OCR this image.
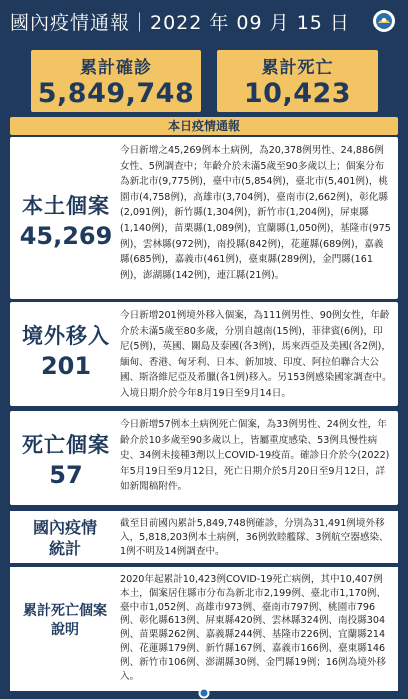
國內疫情通報｜2022 年 09 月 15 日
累計確診
5,849,748
累計死亡
10,423
本日疫情通報
本土個案
45,269
今日新增之45,269例本土病例，為20,378例男性、24,886例女性、5例調查中；年齡介於未滿5歲至90多歲以上；個案分布為新北市(9,775例)，臺中市(5,854例)，臺北市(5,401例)，桃園市(4,758例)，高雄市(3,704例)，臺南市(2,662例)，彰化縣(2,091例)，新竹縣(1,304例)，新竹市(1,204例)，屏東縣(1,140例)，苗栗縣(1,089例)，宜蘭縣(1,050例)，基隆市(975例)，雲林縣(972例)，南投縣(842例)，花蓮縣(689例)，嘉義縣(685例)，嘉義市(461例)，臺東縣(289例)，金門縣(161例)，澎湖縣(142例)，連江縣(21例)。
境外移入
201
今日新增201例境外移入個案，為111例男性、90例女性，年齡介於未滿5歲至80多歲，分別自越南(15例)，菲律賓(6例)，印尼(5例)，英國、關島及泰國(各3例)，馬來西亞及美國(各2例)，緬甸、香港、匈牙利、日本、新加坡、印度、阿拉伯聯合大公國、斯洛維尼亞及希臘(各1例)移入。另153例感染國家調查中。入境日期介於今年8月19日至9月14日。
死亡個案
57
今日新增57例本土病例死亡個案，為33例男性、24例女性，年齡介於10多歲至90多歲以上，皆屬重度感染、53例具慢性病史、34例未接種3劑以上COVID-19疫苗。確診日介於今(2022)年5月19日至9月12日，死亡日期介於5月20日至9月12日，詳如新聞稿附件。
國內疫情統計
截至目前國內累計5,849,748例確診，分別為31,491例境外移入，5,818,203例本土病例，36例敦睦艦隊、3例航空器感染、1例不明及14例調查中。
累計死亡個案說明
2020年起累計10,423例COVID-19死亡病例，其中10,407例本土，個案居住縣市分布為新北市2,199例、臺北市1,170例、臺中市1,052例、高雄市973例、臺南市797例、桃園市796例、彰化縣613例、屏東縣420例、雲林縣324例、南投縣304例、苗栗縣262例、嘉義縣244例、基隆市226例、宜蘭縣214例、花蓮縣179例、新竹縣167例、嘉義市166例、臺東縣146例、新竹市106例、澎湖縣30例、金門縣19例；16例為境外移入。
